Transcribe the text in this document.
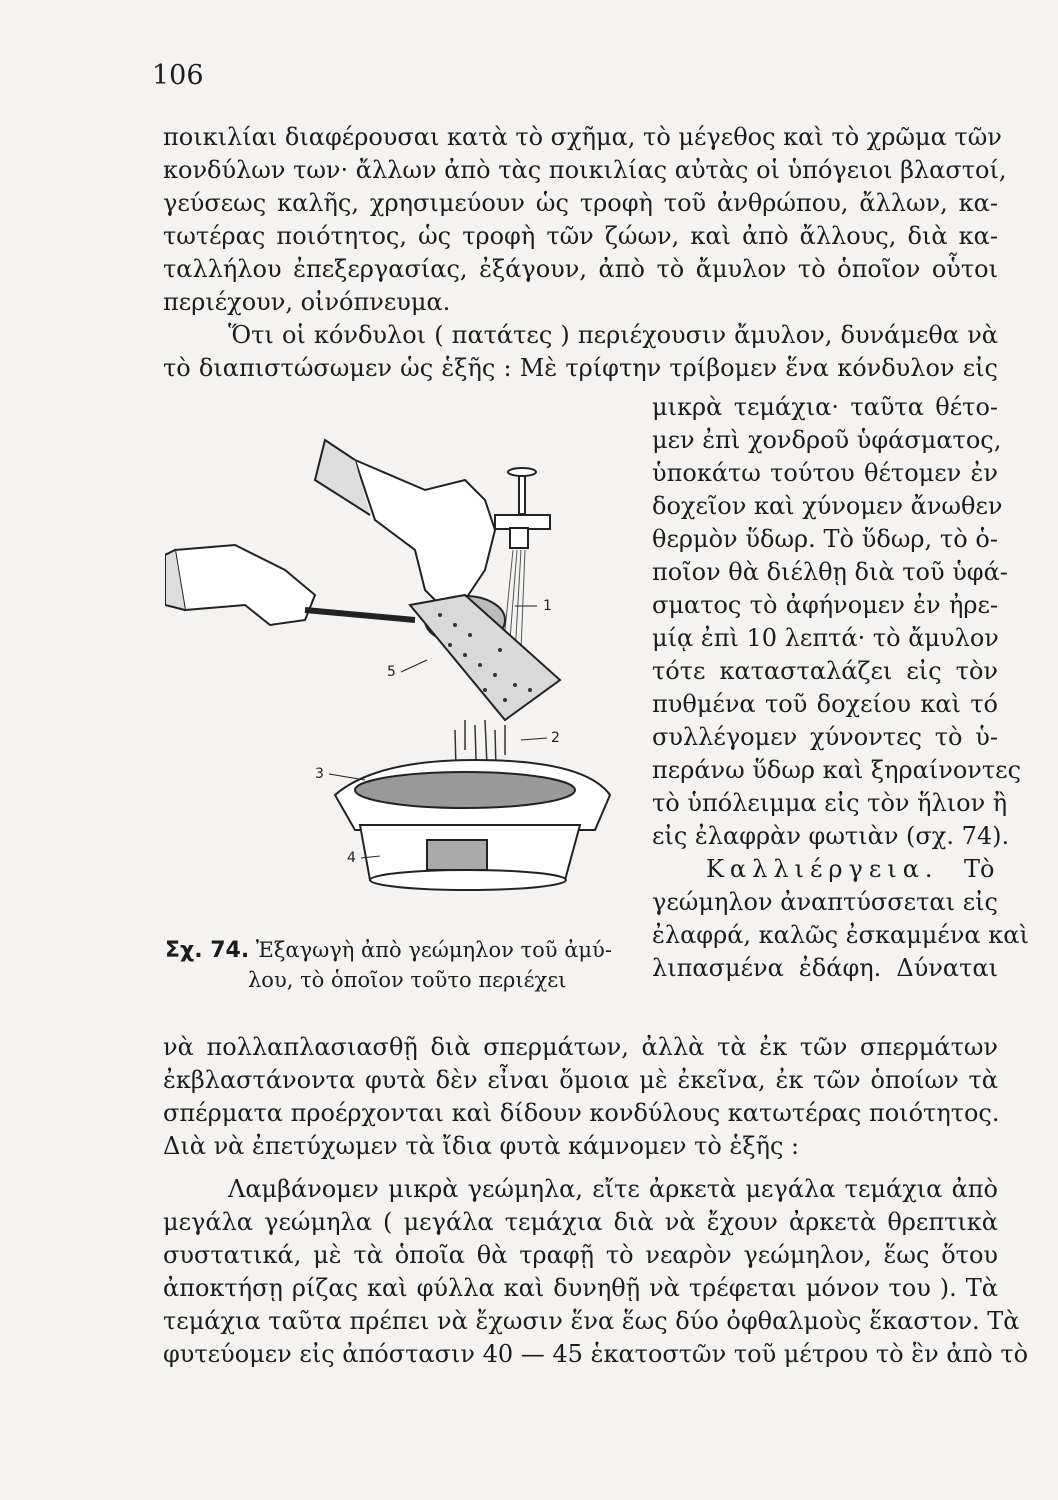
106
ποικιλίαι διαφέρουσαι κατὰ τὸ σχῆμα, τὸ μέγεθος καὶ τὸ χρῶμα τῶν
κονδύλων των· ἄλλων ἀπὸ τὰς ποικιλίας αὐτὰς οἱ ὑπόγειοι βλαστοί,
γεύσεως καλῆς, χρησιμεύουν ὡς τροφὴ τοῦ ἀνθρώπου, ἄλλων, κα-
τωτέρας ποιότητος, ὡς τροφὴ τῶν ζώων, καὶ ἀπὸ ἄλλους, διὰ κα-
ταλλήλου ἐπεξεργασίας, ἐξάγουν, ἀπὸ τὸ ἄμυλον τὸ ὁποῖον οὗτοι
περιέχουν, οἰνόπνευμα.
Ὅτι οἱ κόνδυλοι ( πατάτες ) περιέχουσιν ἄμυλον, δυνάμεθα νὰ
τὸ διαπιστώσωμεν ὡς ἑξῆς : Μὲ τρίφτην τρίβομεν ἕνα κόνδυλον εἰς
μικρὰ τεμάχια· ταῦτα θέτο-
μεν ἐπὶ χονδροῦ ὑφάσματος,
ὑποκάτω τούτου θέτομεν ἐν
δοχεῖον καὶ χύνομεν ἄνωθεν
θερμὸν ὕδωρ. Τὸ ὕδωρ, τὸ ὁ-
ποῖον θὰ διέλθῃ διὰ τοῦ ὑφά-
σματος τὸ ἀφήνομεν ἐν ἠρε-
μίᾳ ἐπὶ 10 λεπτά· τὸ ἄμυλον
τότε κατασταλάζει εἰς τὸν
πυθμένα τοῦ δοχείου καὶ τό
συλλέγομεν χύνοντες τὸ ὑ-
περάνω ὕδωρ καὶ ξηραίνοντες
τὸ ὑπόλειμμα εἰς τὸν ἥλιον ἢ
εἰς ἐλαφρὰν φωτιὰν (σχ. 74).
Καλλιέργεια.	Τὸ
γεώμηλον ἀναπτύσσεται εἰς
ἐλαφρά, καλῶς ἐσκαμμένα καὶ
λιπασμένα ἐδάφη. Δύναται
1
2
3
4
5
Σχ. 74. Ἐξαγωγὴ ἀπὸ γεώμηλον τοῦ ἀμύ-
λου, τὸ ὁποῖον τοῦτο περιέχει
νὰ πολλαπλασιασθῇ διὰ σπερμάτων, ἀλλὰ τὰ ἐκ τῶν σπερμάτων
ἐκβλαστάνοντα φυτὰ δὲν εἶναι ὅμοια μὲ ἐκεῖνα, ἐκ τῶν ὁποίων τὰ
σπέρματα προέρχονται καὶ δίδουν κονδύλους κατωτέρας ποιότητος.
Διὰ νὰ ἐπετύχωμεν τὰ ἴδια φυτὰ κάμνομεν τὸ ἑξῆς :
Λαμβάνομεν μικρὰ γεώμηλα, εἴτε ἀρκετὰ μεγάλα τεμάχια ἀπὸ
μεγάλα γεώμηλα ( μεγάλα τεμάχια διὰ νὰ ἔχουν ἀρκετὰ θρεπτικὰ
συστατικά, μὲ τὰ ὁποῖα θὰ τραφῇ τὸ νεαρὸν γεώμηλον, ἕως ὅτου
ἀποκτήσῃ ρίζας καὶ φύλλα καὶ δυνηθῇ νὰ τρέφεται μόνον του ). Τὰ
τεμάχια ταῦτα πρέπει νὰ ἔχωσιν ἕνα ἕως δύο ὀφθαλμοὺς ἕκαστον. Τὰ
φυτεύομεν εἰς ἀπόστασιν 40 — 45 ἑκατοστῶν τοῦ μέτρου τὸ ἓν ἀπὸ τὸ
